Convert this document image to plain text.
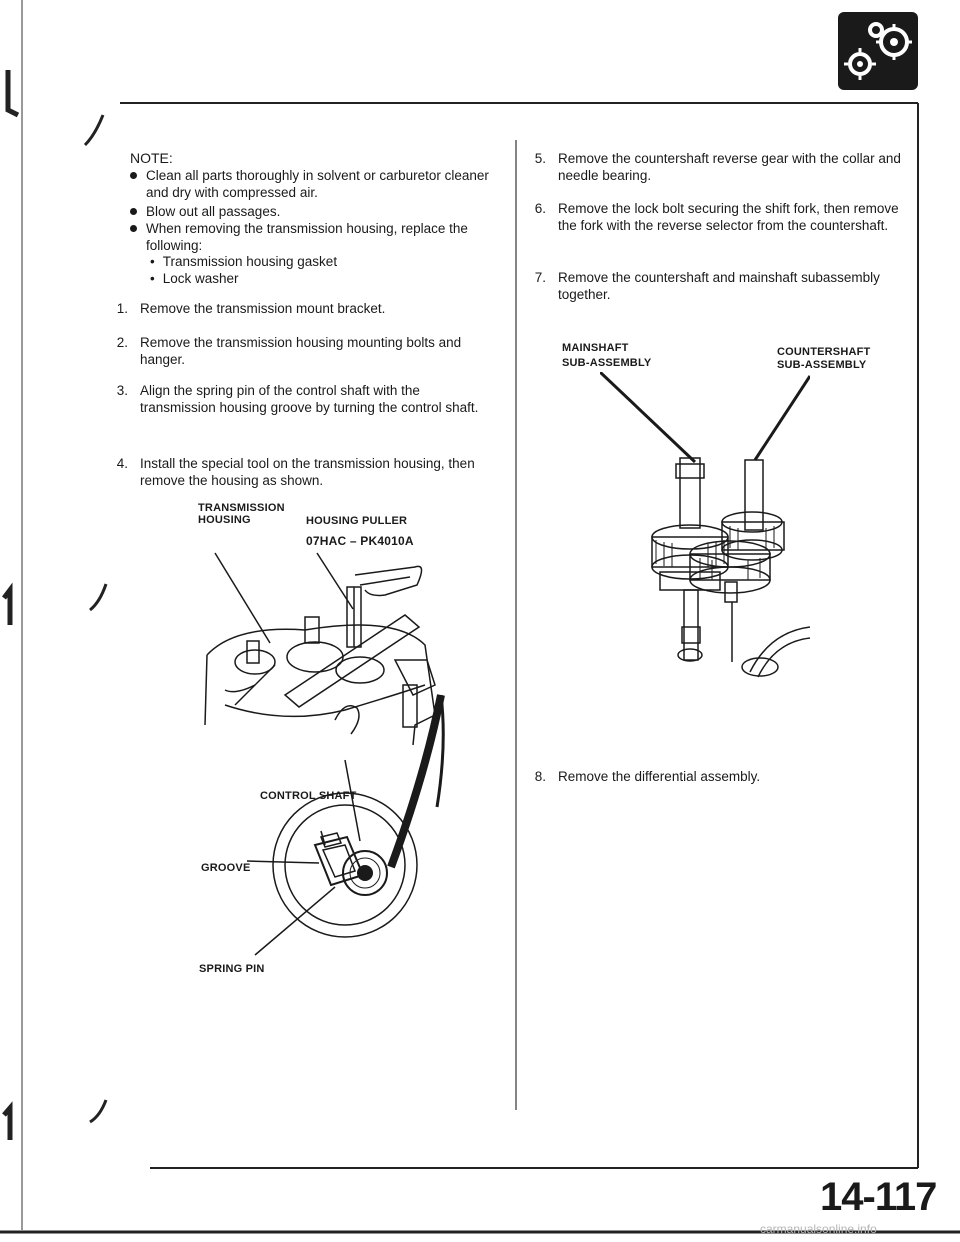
NOTE:
Clean all parts thoroughly in solvent or carburetor cleaner and dry with compressed air.
Blow out all passages.
When removing the transmission housing, replace the following:
• Transmission housing gasket
• Lock washer
1. Remove the transmission mount bracket.
2. Remove the transmission housing mounting bolts and hanger.
3. Align the spring pin of the control shaft with the transmission housing groove by turning the control shaft.
4. Install the special tool on the transmission housing, then remove the housing as shown.
TRANSMISSION
HOUSING	HOUSING PULLER
07HAC – PK4010A
CONTROL SHAFT
GROOVE
SPRING PIN
5. Remove the countershaft reverse gear with the collar and needle bearing.
6. Remove the lock bolt securing the shift fork, then remove the fork with the reverse selector from the countershaft.
7. Remove the countershaft and mainshaft subassembly together.
MAINSHAFT
SUB-ASSEMBLY
COUNTERSHAFT
SUB-ASSEMBLY
8. Remove the differential assembly.
14-117
carmanualsonline.info
